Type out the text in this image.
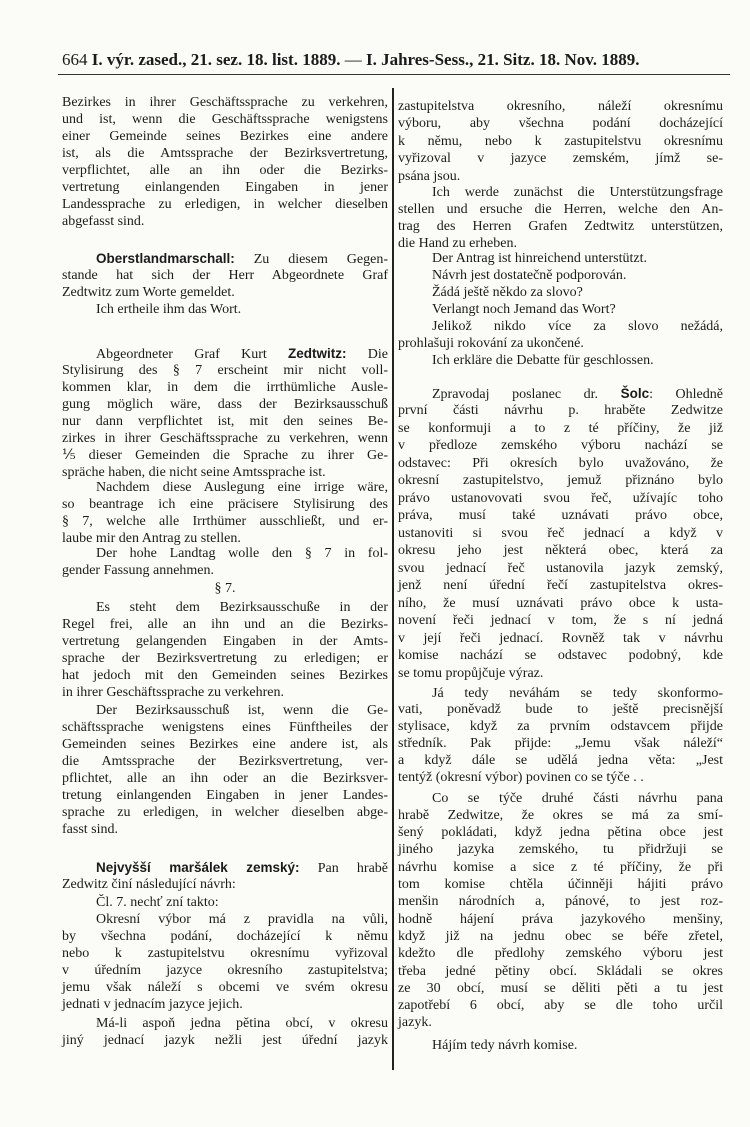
664 I. výr. zased., 21. sez. 18. list. 1889. — I. Jahres-Sess., 21. Sitz. 18. Nov. 1889.
Bezirkes in ihrer Geschäftssprache zu verkehren,
und ist, wenn die Geschäftssprache wenigstens
einer Gemeinde seines Bezirkes eine andere
ist, als die Amtssprache der Bezirksvertretung,
verpflichtet, alle an ihn oder die Bezirks-
vertretung einlangenden Eingaben in jener
Landessprache zu erledigen, in welcher dieselben
abgefasst sind.
Oberstlandmarschall: Zu diesem Gegen-
stande hat sich der Herr Abgeordnete Graf
Zedtwitz zum Worte gemeldet.
Ich ertheile ihm das Wort.
Abgeordneter Graf Kurt Zedtwitz: Die
Stylisirung des § 7 erscheint mir nicht voll-
kommen klar, in dem die irrthümliche Ausle-
gung möglich wäre, dass der Bezirksausschuß
nur dann verpflichtet ist, mit den seines Be-
zirkes in ihrer Geschäftssprache zu verkehren, wenn
⅕ dieser Gemeinden die Sprache zu ihrer Ge-
spräche haben, die nicht seine Amtssprache ist.
Nachdem diese Auslegung eine irrige wäre,
so beantrage ich eine präcisere Stylisirung des
§ 7, welche alle Irrthümer ausschließt, und er-
laube mir den Antrag zu stellen.
Der hohe Landtag wolle den § 7 in fol-
gender Fassung annehmen.
§ 7.
Es steht dem Bezirksausschuße in der
Regel frei, alle an ihn und an die Bezirks-
vertretung gelangenden Eingaben in der Amts-
sprache der Bezirksvertretung zu erledigen; er
hat jedoch mit den Gemeinden seines Bezirkes
in ihrer Geschäftssprache zu verkehren.
Der Bezirksausschuß ist, wenn die Ge-
schäftssprache wenigstens eines Fünftheiles der
Gemeinden seines Bezirkes eine andere ist, als
die Amtssprache der Bezirksvertretung, ver-
pflichtet, alle an ihn oder an die Bezirksver-
tretung einlangenden Eingaben in jener Landes-
sprache zu erledigen, in welcher dieselben abge-
fasst sind.
Nejvyšší maršálek zemský: Pan hrabě
Zedwitz činí následující návrh:
Čl. 7. nechť zní takto:
Okresní výbor má z pravidla na vůli,
by všechna podání, docházející k němu
nebo k zastupitelstvu okresnímu vyřizoval
v úředním jazyce okresního zastupitelstva;
jemu však náleží s obcemi ve svém okresu
jednati v jednacím jazyce jejich.
Má-li aspoň jedna pětina obcí, v okresu
jiný jednací jazyk nežli jest úřední jazyk
zastupitelstva okresního, náleží okresnímu
výboru, aby všechna podání docházející
k němu, nebo k zastupitelstvu okresnímu
vyřizoval v jazyce zemském, jímž se-
psána jsou.
Ich werde zunächst die Unterstützungsfrage
stellen und ersuche die Herren, welche den An-
trag des Herren Grafen Zedtwitz unterstützen,
die Hand zu erheben.
Der Antrag ist hinreichend unterstützt.
Návrh jest dostatečně podporován.
Žádá ještě někdo za slovo?
Verlangt noch Jemand das Wort?
Jelikož nikdo více za slovo nežádá,
prohlašuji rokování za ukončené.
Ich erkläre die Debatte für geschlossen.
Zpravodaj poslanec dr. Šolc: Ohledně
první části návrhu p. hraběte Zedwitze
se konformuji a to z té příčiny, že již
v předloze zemského výboru nachází se
odstavec: Při okresích bylo uvažováno, že
okresní zastupitelstvo, jemuž přiznáno bylo
právo ustanovovati svou řeč, užívajíc toho
práva, musí také uznávati právo obce,
ustanoviti si svou řeč jednací a když v
okresu jeho jest některá obec, která za
svou jednací řeč ustanovila jazyk zemský,
jenž není úřední řečí zastupitelstva okres-
ního, že musí uznávati právo obce k usta-
novení řeči jednací v tom, že s ní jedná
v její řeči jednací. Rovněž tak v návrhu
komise nachází se odstavec podobný, kde
se tomu propůjčuje výraz.
Já tedy neváhám se tedy skonformo-
vati, poněvadž bude to ještě precisnější
stylisace, když za prvním odstavcem přijde
středník. Pak přijde: „Jemu však náleží“
a když dále se udělá jedna věta: „Jest
tentýž (okresní výbor) povinen co se týče . .
Co se týče druhé části návrhu pana
hrabě Zedwitze, že okres se má za smí-
šený pokládati, když jedna pětina obce jest
jiného jazyka zemského, tu přidržuji se
návrhu komise a sice z té příčiny, že při
tom komise chtěla účinněji hájiti právo
menšin národních a, pánové, to jest roz-
hodně hájení práva jazykového menšiny,
když již na jednu obec se béře zřetel,
kdežto dle předlohy zemského výboru jest
třeba jedné pětiny obcí. Skládali se okres
ze 30 obcí, musí se děliti pěti a tu jest
zapotřebí 6 obcí, aby se dle toho určil
jazyk.
Hájím tedy návrh komise.
